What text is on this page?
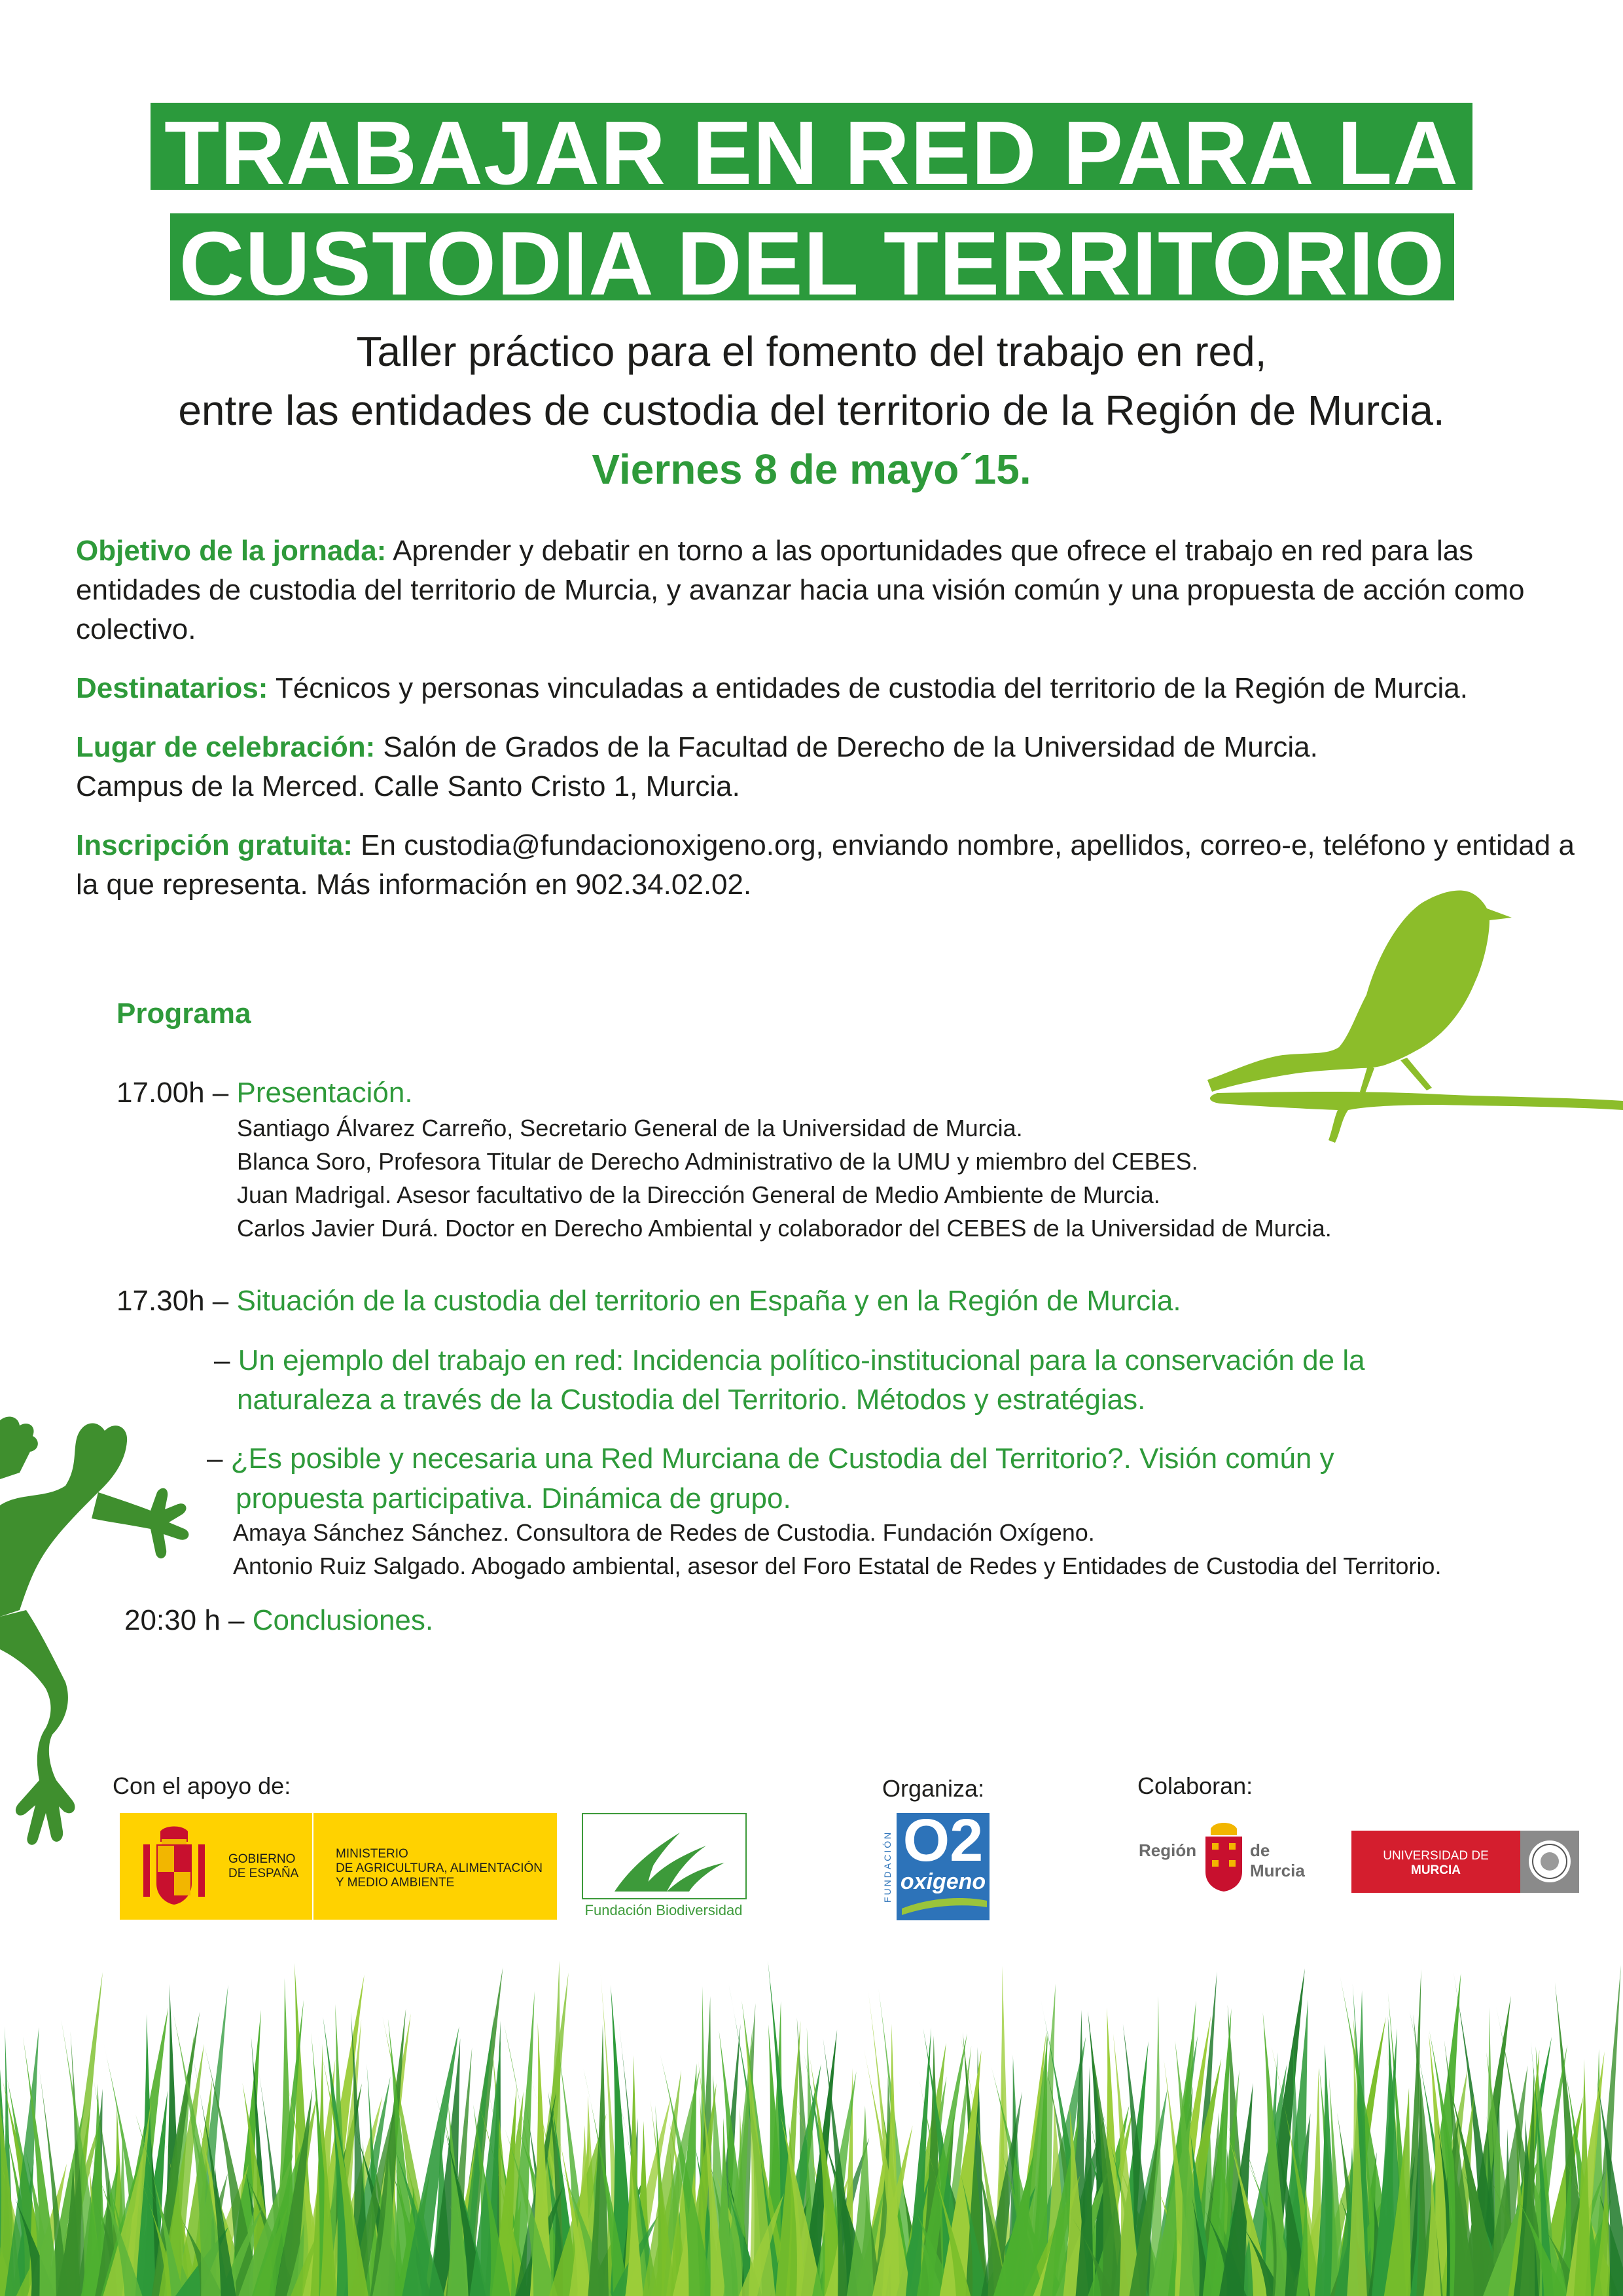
TRABAJAR EN RED PARA LA
CUSTODIA DEL TERRITORIO
Taller práctico para el fomento del trabajo en red,
entre las entidades de custodia del territorio de la Región de Murcia.
Viernes 8 de mayo´15.
Objetivo de la jornada: Aprender y debatir en torno a las oportunidades que ofrece el trabajo en red para las entidades de custodia del territorio de Murcia, y avanzar hacia una visión común y una propuesta de acción como colectivo.
Destinatarios: Técnicos y personas vinculadas a entidades de custodia del territorio de la Región de Murcia.
Lugar de celebración: Salón de Grados de la Facultad de Derecho de la Universidad de Murcia. Campus de la Merced. Calle Santo Cristo 1, Murcia.
Inscripción gratuita: En custodia@fundacionoxigeno.org, enviando nombre, apellidos, correo-e, teléfono y entidad a la que representa. Más información en 902.34.02.02.
Programa
17.00h – Presentación.
Santiago Álvarez Carreño, Secretario General de la Universidad de Murcia.
Blanca Soro, Profesora Titular de Derecho Administrativo de la UMU y miembro del CEBES.
Juan Madrigal. Asesor facultativo de la Dirección General de Medio Ambiente de Murcia.
Carlos Javier Durá. Doctor en Derecho Ambiental y colaborador del CEBES de la Universidad de Murcia.
17.30h – Situación de la custodia del territorio en España y en la Región de Murcia.
– Un ejemplo del trabajo en red: Incidencia político-institucional para la conservación de la
naturaleza a través de la Custodia del Territorio. Métodos y estratégias.
– ¿Es posible y necesaria una Red Murciana de Custodia del Territorio?. Visión común y
propuesta participativa. Dinámica de grupo.
Amaya Sánchez Sánchez. Consultora de Redes de Custodia. Fundación Oxígeno.
Antonio Ruiz Salgado. Abogado ambiental, asesor del Foro Estatal de Redes y Entidades de Custodia del Territorio.
20:30 h – Conclusiones.
Con el apoyo de:	Organiza:	Colaboran:
GOBIERNO
DE ESPAÑA
MINISTERIO
DE AGRICULTURA, ALIMENTACIÓN
Y MEDIO AMBIENTE
Fundación Biodiversidad
FUNDACIÓN O2
oxigeno
Región	de Murcia
UNIVERSIDAD DE
MURCIA
